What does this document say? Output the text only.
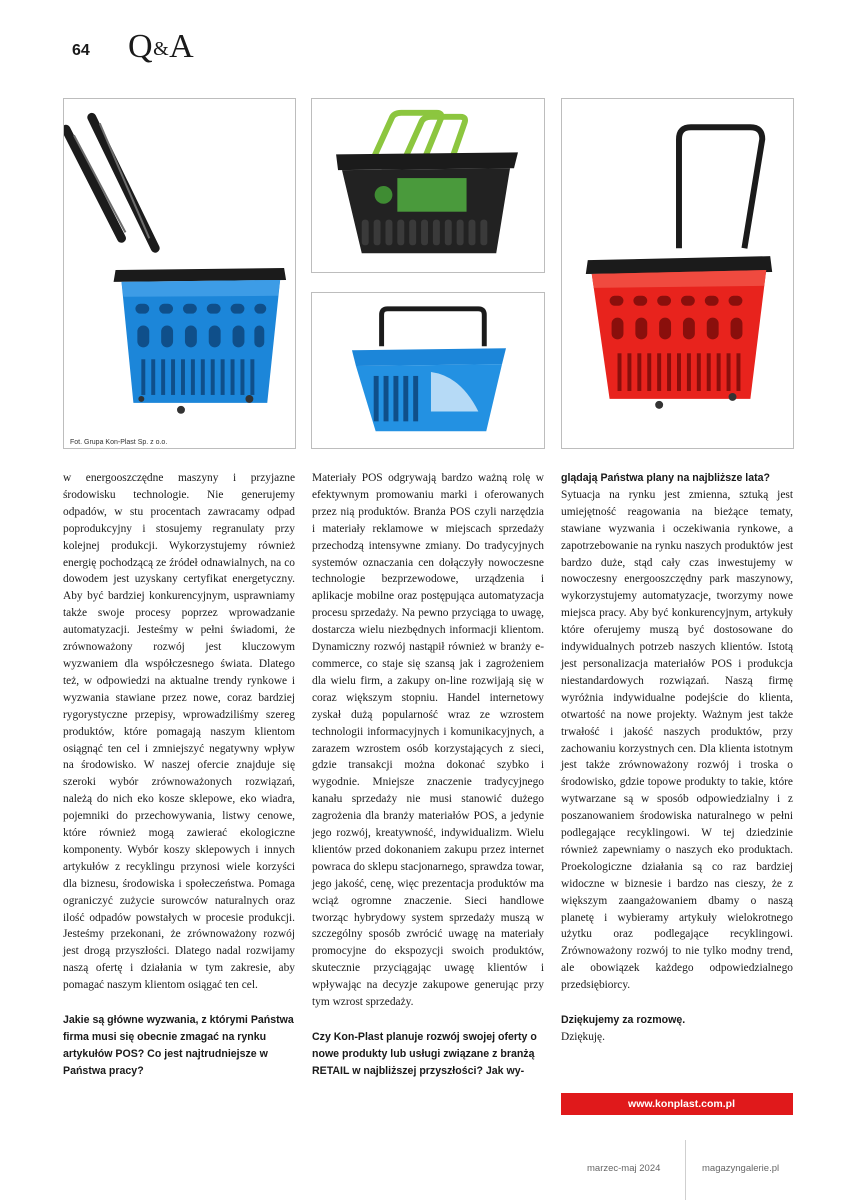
64 Q&A
Fot. Grupa Kon-Plast Sp. z o.o.

w energooszczędne maszyny i przyjazne środowisku technologie. Nie generujemy odpadów, w stu procentach zawracamy odpad poprodukcyjny i stosujemy regranulaty przy kolejnej produkcji. Wykorzystujemy również energię pochodzącą ze źródeł odnawialnych, na co dowodem jest uzyskany certyfikat energetyczny. Aby być bardziej konkurencyjnym, usprawniamy także swoje procesy poprzez wprowadzanie automatyzacji. Jesteśmy w pełni świadomi, że zrównoważony rozwój jest kluczowym wyzwaniem dla współczesnego świata. Dlatego też, w odpowiedzi na aktualne trendy rynkowe i wyzwania stawiane przez nowe, coraz bardziej rygorystyczne przepisy, wprowadziliśmy szereg produktów, które pomagają naszym klientom osiągnąć ten cel i zmniejszyć negatywny wpływ na środowisko. W naszej ofercie znajduje się szeroki wybór zrównoważonych rozwiązań, należą do nich eko kosze sklepowe, eko wiadra, pojemniki do przechowywania, listwy cenowe, które również mogą zawierać ekologiczne komponenty. Wybór koszy sklepowych i innych artykułów z recyklingu przynosi wiele korzyści dla biznesu, środowiska i społeczeństwa. Pomaga ograniczyć zużycie surowców naturalnych oraz ilość odpadów powstałych w procesie produkcji. Jesteśmy przekonani, że zrównoważony rozwój jest drogą przyszłości. Dlatego nadal rozwijamy naszą ofertę i działania w tym zakresie, aby pomagać naszym klientom osiągać ten cel.

Jakie są główne wyzwania, z którymi Państwa firma musi się obecnie zmagać na rynku artykułów POS? Co jest najtrudniejsze w Państwa pracy?

Materiały POS odgrywają bardzo ważną rolę w efektywnym promowaniu marki i oferowanych przez nią produktów. Branża POS czyli narzędzia i materiały reklamowe w miejscach sprzedaży przechodzą intensywne zmiany. Do tradycyjnych systemów oznaczania cen dołączyły nowoczesne technologie bezprzewodowe, urządzenia i aplikacje mobilne oraz postępująca automatyzacja procesu sprzedaży. Na pewno przyciąga to uwagę, dostarcza wielu niezbędnych informacji klientom. Dynamiczny rozwój nastąpił również w branży e-commerce, co staje się szansą jak i zagrożeniem dla wielu firm, a zakupy on-line rozwijają się w coraz większym stopniu. Handel internetowy zyskał dużą popularność wraz ze wzrostem technologii informacyjnych i komunikacyjnych, a zarazem wzrostem osób korzystających z sieci, gdzie transakcji można dokonać szybko i wygodnie. Mniejsze znaczenie tradycyjnego kanału sprzedaży nie musi stanowić dużego zagrożenia dla branży materiałów POS, a jedynie jego rozwój, kreatywność, indywidualizm. Wielu klientów przed dokonaniem zakupu przez internet powraca do sklepu stacjonarnego, sprawdza towar, jego jakość, cenę, więc prezentacja produktów ma wciąż ogromne znaczenie. Sieci handlowe tworząc hybrydowy system sprzedaży muszą w szczególny sposób zwrócić uwagę na materiały promocyjne do ekspozycji swoich produktów, skutecznie przyciągając uwagę klientów i wpływając na decyzje zakupowe generując przy tym wzrost sprzedaży.

Czy Kon-Plast planuje rozwój swojej oferty o nowe produkty lub usługi związane z branżą RETAIL w najbliższej przyszłości? Jak wy-

glądają Państwa plany na najbliższe lata?

Sytuacja na rynku jest zmienna, sztuką jest umiejętność reagowania na bieżące tematy, stawiane wyzwania i oczekiwania rynkowe, a zapotrzebowanie na rynku naszych produktów jest bardzo duże, stąd cały czas inwestujemy w nowoczesny energooszczędny park maszynowy, wykorzystujemy automatyzacje, tworzymy nowe miejsca pracy. Aby być konkurencyjnym, artykuły które oferujemy muszą być dostosowane do indywidualnych potrzeb naszych klientów. Istotą jest personalizacja materiałów POS i produkcja niestandardowych rozwiązań. Naszą firmę wyróżnia indywidualne podejście do klienta, otwartość na nowe projekty. Ważnym jest także trwałość i jakość naszych produktów, przy zachowaniu korzystnych cen. Dla klienta istotnym jest także zrównoważony rozwój i troska o środowisko, gdzie topowe produkty to takie, które wytwarzane są w sposób odpowiedzialny i z poszanowaniem środowiska naturalnego w pełni podlegające recyklingowi. W tej dziedzinie również zapewniamy o naszych eko produktach. Proekologiczne działania są co raz bardziej widoczne w biznesie i bardzo nas cieszy, że z większym zaangażowaniem dbamy o naszą planetę i wybieramy artykuły wielokrotnego użytku oraz podlegające recyklingowi. Zrównoważony rozwój to nie tylko modny trend, ale obowiązek każdego odpowiedzialnego przedsiębiorcy.

Dziękujemy za rozmowę.

Dziękuję.

www.konplast.com.pl
marzec-maj 2024	magazyngalerie.pl
